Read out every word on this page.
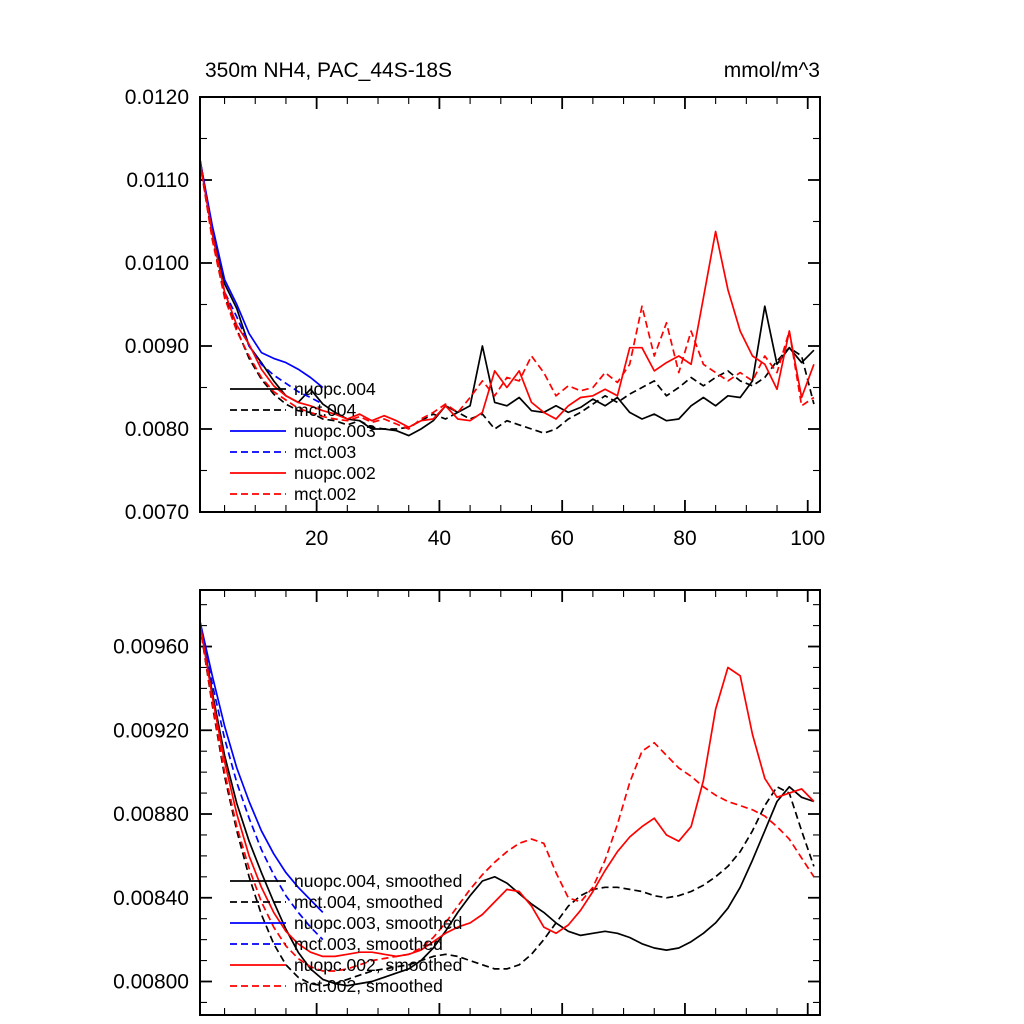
350m NH4, PAC_44S-18S	mmol/m^3
0.0070
0.0080
0.0090
0.0100
0.0110
0.0120
20	40	60	80	100
nuopc.004
mct.004
nuopc.003
mct.003
nuopc.002
mct.002
0.00800
0.00840
0.00880
0.00920
0.00960
nuopc.004, smoothed
mct.004, smoothed
nuopc.003, smoothed
mct.003, smoothed
nuopc.002, smoothed
mct.002, smoothed
